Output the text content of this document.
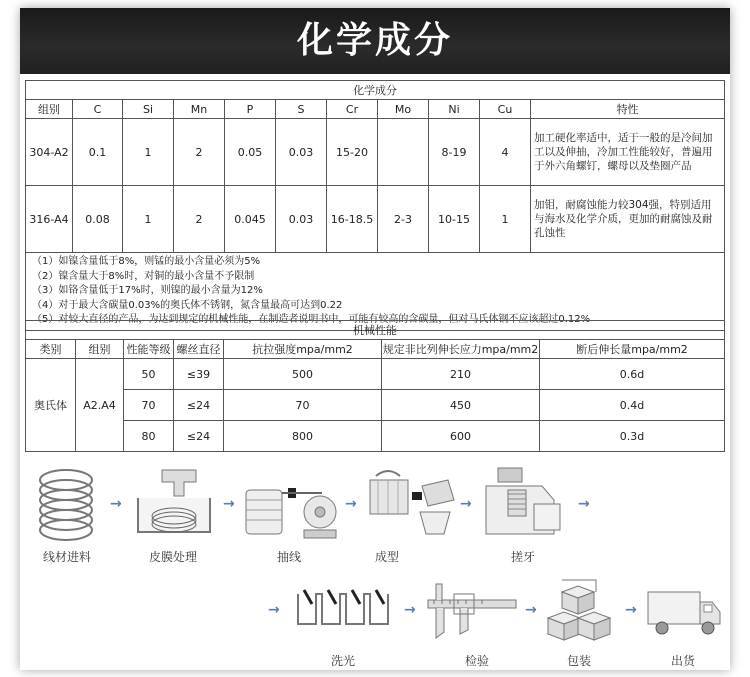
化学成分
化学成分										
组别	C	Si	Mn	P	S	Cr	Mo	Ni	Cu	特性
304-A2	0.1	1	2	0.05	0.03	15-20		8-19	4	加工硬化率适中，适于一般的是冷间加工以及伸抽，冷加工性能较好，普遍用于外六角螺钉，螺母以及垫圈产品
316-A4	0.08	1	2	0.045	0.03	16-18.5	2-3	10-15	1	加钼，耐腐蚀能力较304强，特别适用与海水及化学介质，更加的耐腐蚀及耐孔蚀性

（1）如镍含量低于8%，则锰的最小含量必须为5%
（2）镍含量大于8%时，对铜的最小含量不予限制
（3）如铬含量低于17%时，则镍的最小含量为12%
（4）对于最大含碳量0.03%的奥氏体不锈钢，氮含量最高可达到0.22
（5）对较大直径的产品，为达到规定的机械性能，在制造者说明书中，可能有较高的含碳量，但对马氏体钢不应该超过0.12%										
机械性能						
类别	组别	性能等级	螺丝直径	抗拉强度mpa/mm2	规定非比列伸长应力mpa/mm2	断后伸长量mpa/mm2
奥氏体	A2.A4	50	≤39	500	210	0.6d
		70	≤24	70	450	0.4d
		80	≤24	800	600	0.3d
线材进料
→
皮膜处理
→
抽线
→
成型
→
搓牙
→
→
洗光
→
检验
→
包装
→
出货
